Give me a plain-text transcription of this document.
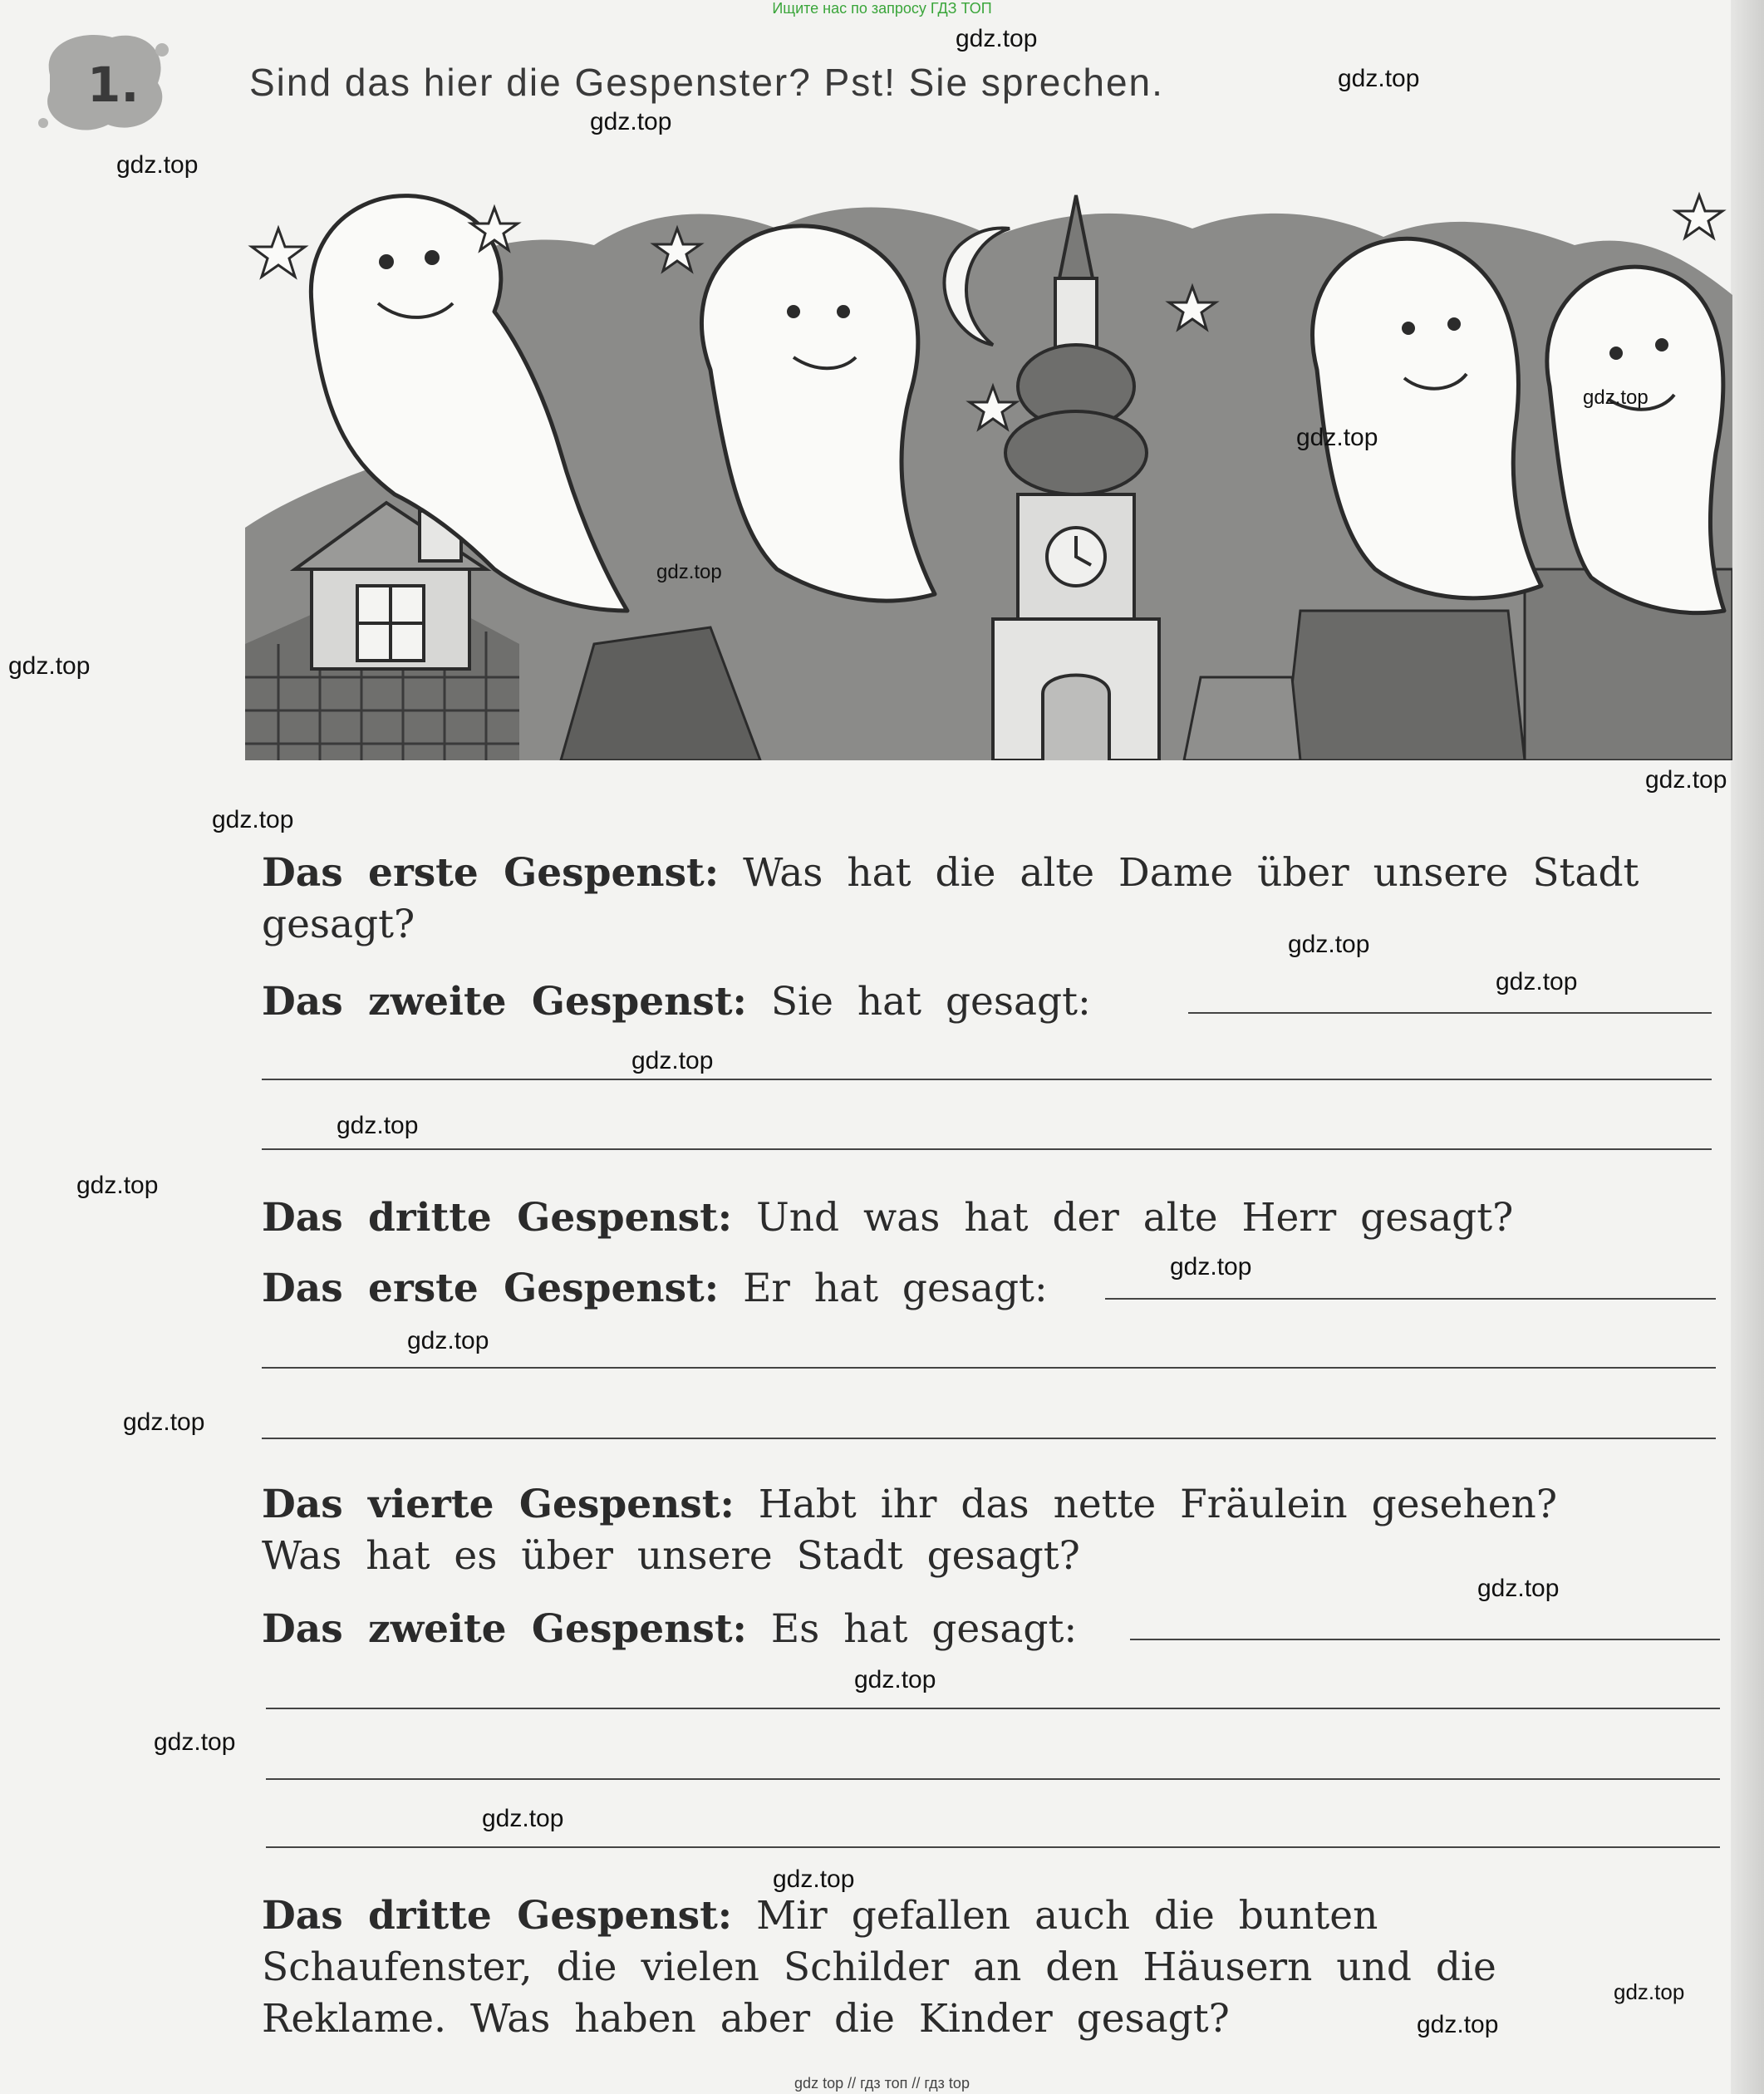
Ищите нас по запросу ГДЗ ТОП
1.	Sind das hier die Gespenster? Pst! Sie sprechen.
Das erste Gespenst: Was hat die alte Dame über unsere Stadt
gesagt?
Das zweite Gespenst: Sie hat gesagt:
Das dritte Gespenst: Und was hat der alte Herr gesagt?
Das erste Gespenst: Er hat gesagt:
Das vierte Gespenst: Habt ihr das nette Fräulein gesehen?
Was hat es über unsere Stadt gesagt?
Das zweite Gespenst: Es hat gesagt:
Das dritte Gespenst: Mir gefallen auch die bunten
Schaufenster, die vielen Schilder an den Häusern und die
Reklame. Was haben aber die Kinder gesagt?
gdz.top
gdz.top
gdz.top
gdz.top
gdz.top
gdz.top
gdz.top
gdz.top
gdz.top
gdz.top
gdz.top
gdz.top
gdz.top
gdz.top
gdz.top
gdz.top
gdz.top
gdz.top
gdz.top
gdz.top
gdz.top
gdz.top
gdz.top
gdz.top
gdz.top
gdz top // гдз топ // гдз top
